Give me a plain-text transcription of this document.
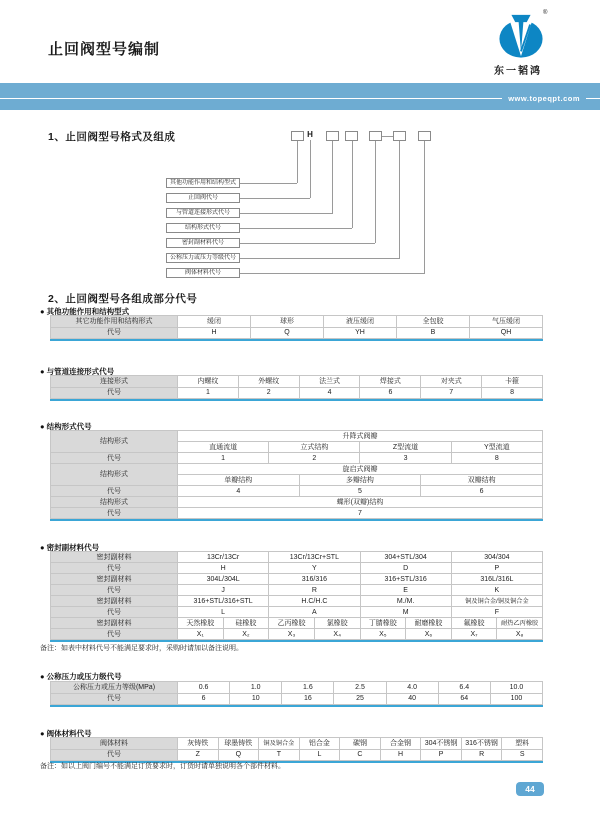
止回阀型号编制
®
东一韬鸿
www.topeqpt.com
1、止回阀型号格式及组成	H
其他功能作用和结构型式
止回阀代号
与管道连接形式代号
结构形式代号
密封副材料代号
公称压力或压力等级代号
阀体材料代号
2、止回阀型号各组成部分代号
● 其他功能作用和结构型式
其它功能作用和结构形式	缓闭	球形	液压缓闭	全包胶	气压缓闭
代号	H	Q	YH	B	QH
● 与管道连接形式代号
连接形式	内螺纹	外螺纹	法兰式	焊接式	对夹式	卡箍
代号	1	2	4	6	7	8
● 结构形式代号
结构形式	升降式阀瓣					
	直通流道	立式结构		Z型流道		Y型流道
代号	1	2		3		8
结构形式	旋启式阀瓣					
	单瓣结构		多瓣结构		双瓣结构	
代号	4		5		6	
结构形式	蝶形(双瓣)结构					
代号	7					
● 密封副材料代号
密封副材料	13Cr/13Cr		13Cr/13Cr+STL		304+STL/304		304/304	
代号	H		Y		D		P	
密封副材料	304L/304L		316/316		316+STL/316		316L/316L	
代号	J		R		E		K	
密封副材料	316+STL/316+STL		H.C/H.C		M./M.		铜及铜合金/铜及铜合金	
代号	L		A		M		F	
密封副材料	天然橡胶	硅橡胶	乙丙橡胶	氯橡胶	丁腈橡胶	耐磨橡胶	氟橡胶	耐热乙丙橡胶
代号	X₁	X₂	X₃	X₄	X₅	X₆	X₇	X₈
备注：如表中材料代号不能满足要求时，采购时请加以备注说明。
● 公称压力或压力级代号
公称压力或压力等级(MPa)	0.6	1.0	1.6	2.5	4.0	6.4	10.0
代号	6	10	16	25	40	64	100
● 阀体材料代号
阀体材料	灰铸铁	球墨铸铁	铜及铜合金	铝合金	碳钢	合金钢	304不锈钢	316不锈钢	塑料
代号	Z	Q	T	L	C	H	P	R	S
备注：如以上阀门编号不能满足订货要求时，订货时请单独说明各个部件材料。
44
